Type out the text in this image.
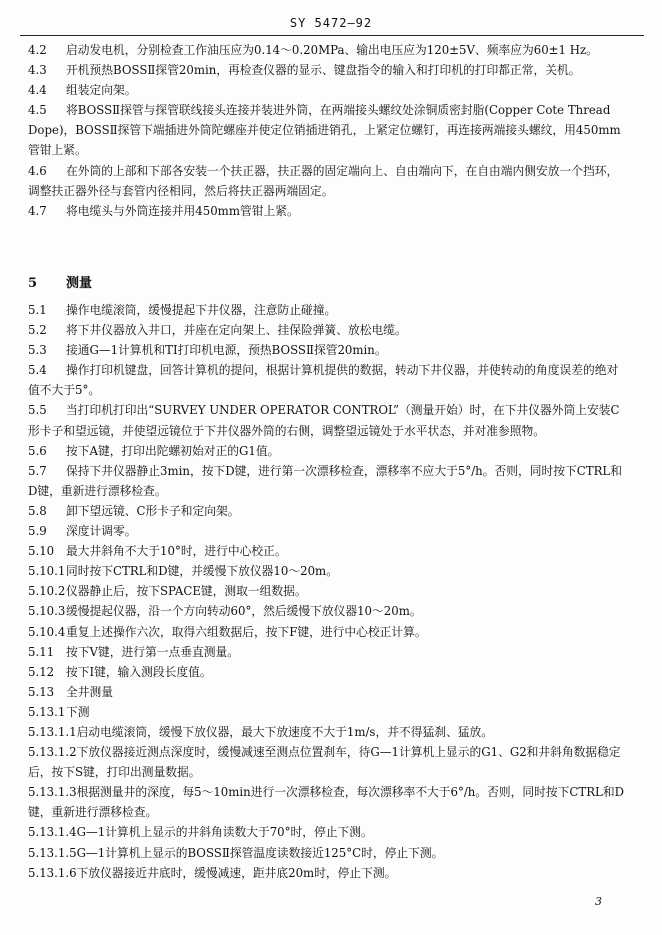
SY 5472—92
4.2 启动发电机，分别检查工作油压应为0.14～0.20MPa、输出电压应为120±5V、频率应为60±1 Hz。
4.3 开机预热BOSSⅡ探管20min，再检查仪器的显示、键盘指令的输入和打印机的打印都正常，关机。
4.4 组装定向架。
4.5 将BOSSⅡ探管与探管联线接头连接并装进外筒，在两端接头螺纹处涂铜质密封脂(Copper Cote Thread Dope)，BOSSⅡ探管下端插进外筒陀螺座并使定位销插进销孔，上紧定位螺钉，再连接两端接头螺纹，用450mm管钳上紧。
4.6 在外筒的上部和下部各安装一个扶正器，扶正器的固定端向上、自由端向下，在自由端内侧安放一个挡环，调整扶正器外径与套管内径相同，然后将扶正器两端固定。
4.7 将电缆头与外筒连接并用450mm管钳上紧。
5 测量
5.1 操作电缆滚筒，缓慢提起下井仪器，注意防止碰撞。
5.2 将下井仪器放入井口，并座在定向架上、挂保险弹簧、放松电缆。
5.3 接通G—1计算机和TI打印机电源，预热BOSSⅡ探管20min。
5.4 操作打印机键盘，回答计算机的提问，根据计算机提供的数据，转动下井仪器，并使转动的角度误差的绝对值不大于5°。
5.5 当打印机打印出“SURVEY UNDER OPERATOR CONTROL”（测量开始）时，在下井仪器外筒上安装C形卡子和望远镜，并使望远镜位于下井仪器外筒的右侧，调整望远镜处于水平状态，并对准参照物。
5.6 按下A键，打印出陀螺初始对正的G1值。
5.7 保持下井仪器静止3min，按下D键，进行第一次漂移检查，漂移率不应大于5°/h。否则，同时按下CTRL和D键，重新进行漂移检查。
5.8 卸下望远镜、C形卡子和定向架。
5.9 深度计调零。
5.10 最大井斜角不大于10°时，进行中心校正。
5.10.1同时按下CTRL和D键，并缓慢下放仪器10～20m。
5.10.2仪器静止后，按下SPACE键，测取一组数据。
5.10.3缓慢提起仪器，沿一个方向转动60°，然后缓慢下放仪器10～20m。
5.10.4重复上述操作六次，取得六组数据后，按下F键，进行中心校正计算。
5.11 按下V键，进行第一点垂直测量。
5.12 按下I键，输入测段长度值。
5.13 全井测量
5.13.1下测
5.13.1.1启动电缆滚筒，缓慢下放仪器，最大下放速度不大于1m/s，并不得猛刹、猛放。
5.13.1.2下放仪器接近测点深度时，缓慢减速至测点位置刹车，待G—1计算机上显示的G1、G2和井斜角数据稳定后，按下S键，打印出测量数据。
5.13.1.3根据测量井的深度，每5～10min进行一次漂移检查，每次漂移率不大于6°/h。否则，同时按下CTRL和D键，重新进行漂移检查。
5.13.1.4G—1计算机上显示的井斜角读数大于70°时，停止下测。
5.13.1.5G—1计算机上显示的BOSSⅡ探管温度读数接近125°C时，停止下测。
5.13.1.6下放仪器接近井底时，缓慢减速，距井底20m时，停止下测。
3
